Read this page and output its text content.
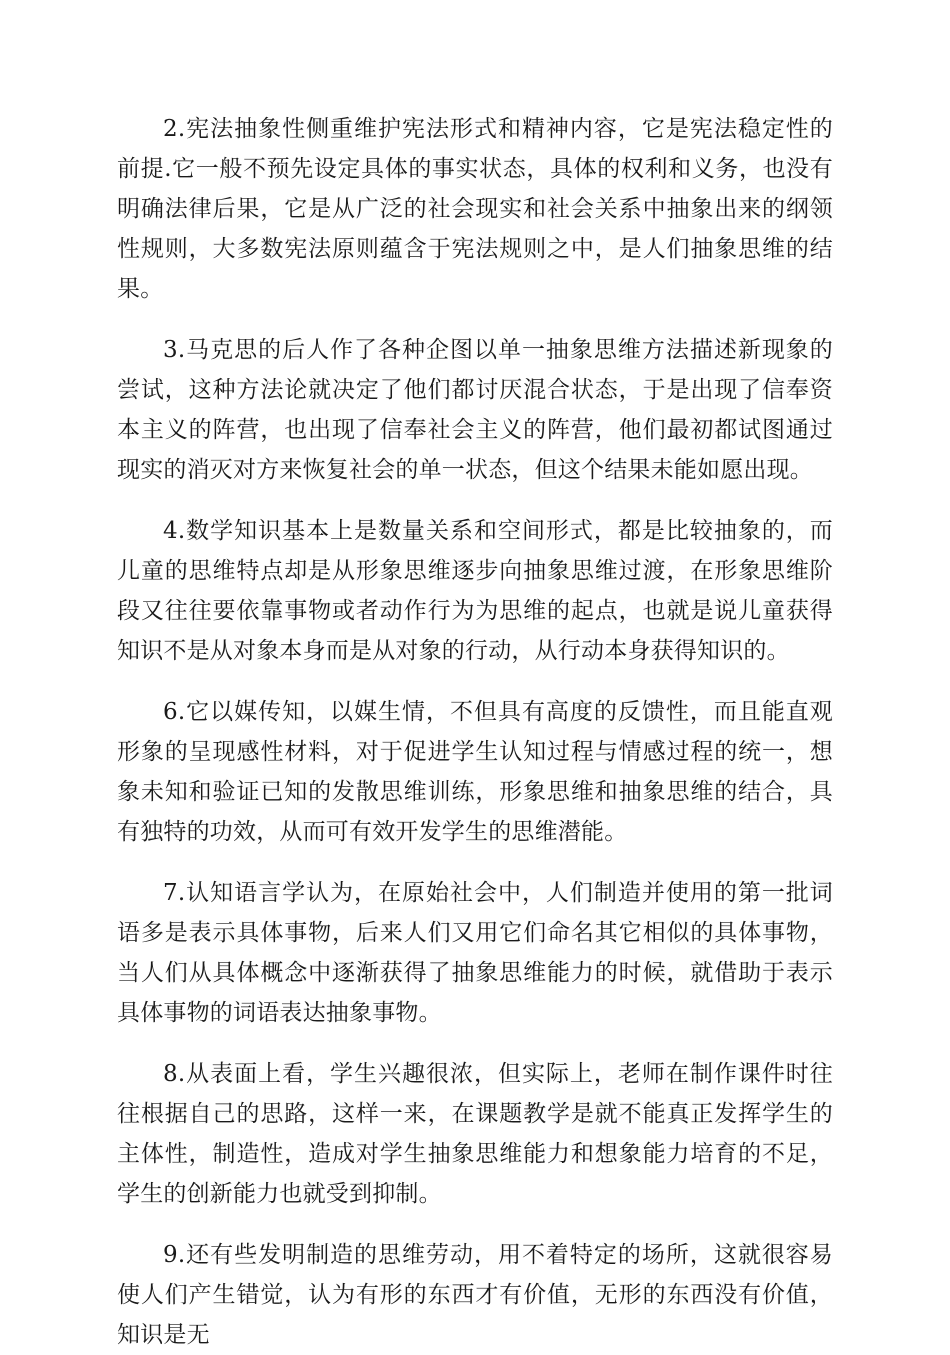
2.宪法抽象性侧重维护宪法形式和精神内容，它是宪法稳定性的前提.它一般不预先设定具体的事实状态，具体的权利和义务，也没有明确法律后果，它是从广泛的社会现实和社会关系中抽象出来的纲领性规则，大多数宪法原则蕴含于宪法规则之中，是人们抽象思维的结果。

3.马克思的后人作了各种企图以单一抽象思维方法描述新现象的尝试，这种方法论就决定了他们都讨厌混合状态，于是出现了信奉资本主义的阵营，也出现了信奉社会主义的阵营，他们最初都试图通过现实的消灭对方来恢复社会的单一状态，但这个结果未能如愿出现。

4.数学知识基本上是数量关系和空间形式，都是比较抽象的，而儿童的思维特点却是从形象思维逐步向抽象思维过渡，在形象思维阶段又往往要依靠事物或者动作行为为思维的起点，也就是说儿童获得知识不是从对象本身而是从对象的行动，从行动本身获得知识的。

6.它以媒传知，以媒生情，不但具有高度的反馈性，而且能直观形象的呈现感性材料，对于促进学生认知过程与情感过程的统一，想象未知和验证已知的发散思维训练，形象思维和抽象思维的结合，具有独特的功效，从而可有效开发学生的思维潜能。

7.认知语言学认为，在原始社会中，人们制造并使用的第一批词语多是表示具体事物，后来人们又用它们命名其它相似的具体事物，当人们从具体概念中逐渐获得了抽象思维能力的时候，就借助于表示具体事物的词语表达抽象事物。

8.从表面上看，学生兴趣很浓，但实际上，老师在制作课件时往往根据自己的思路，这样一来，在课题教学是就不能真正发挥学生的主体性，制造性，造成对学生抽象思维能力和想象能力培育的不足，学生的创新能力也就受到抑制。

9.还有些发明制造的思维劳动，用不着特定的场所，这就很容易使人们产生错觉，认为有形的东西才有价值，无形的东西没有价值，知识是无
